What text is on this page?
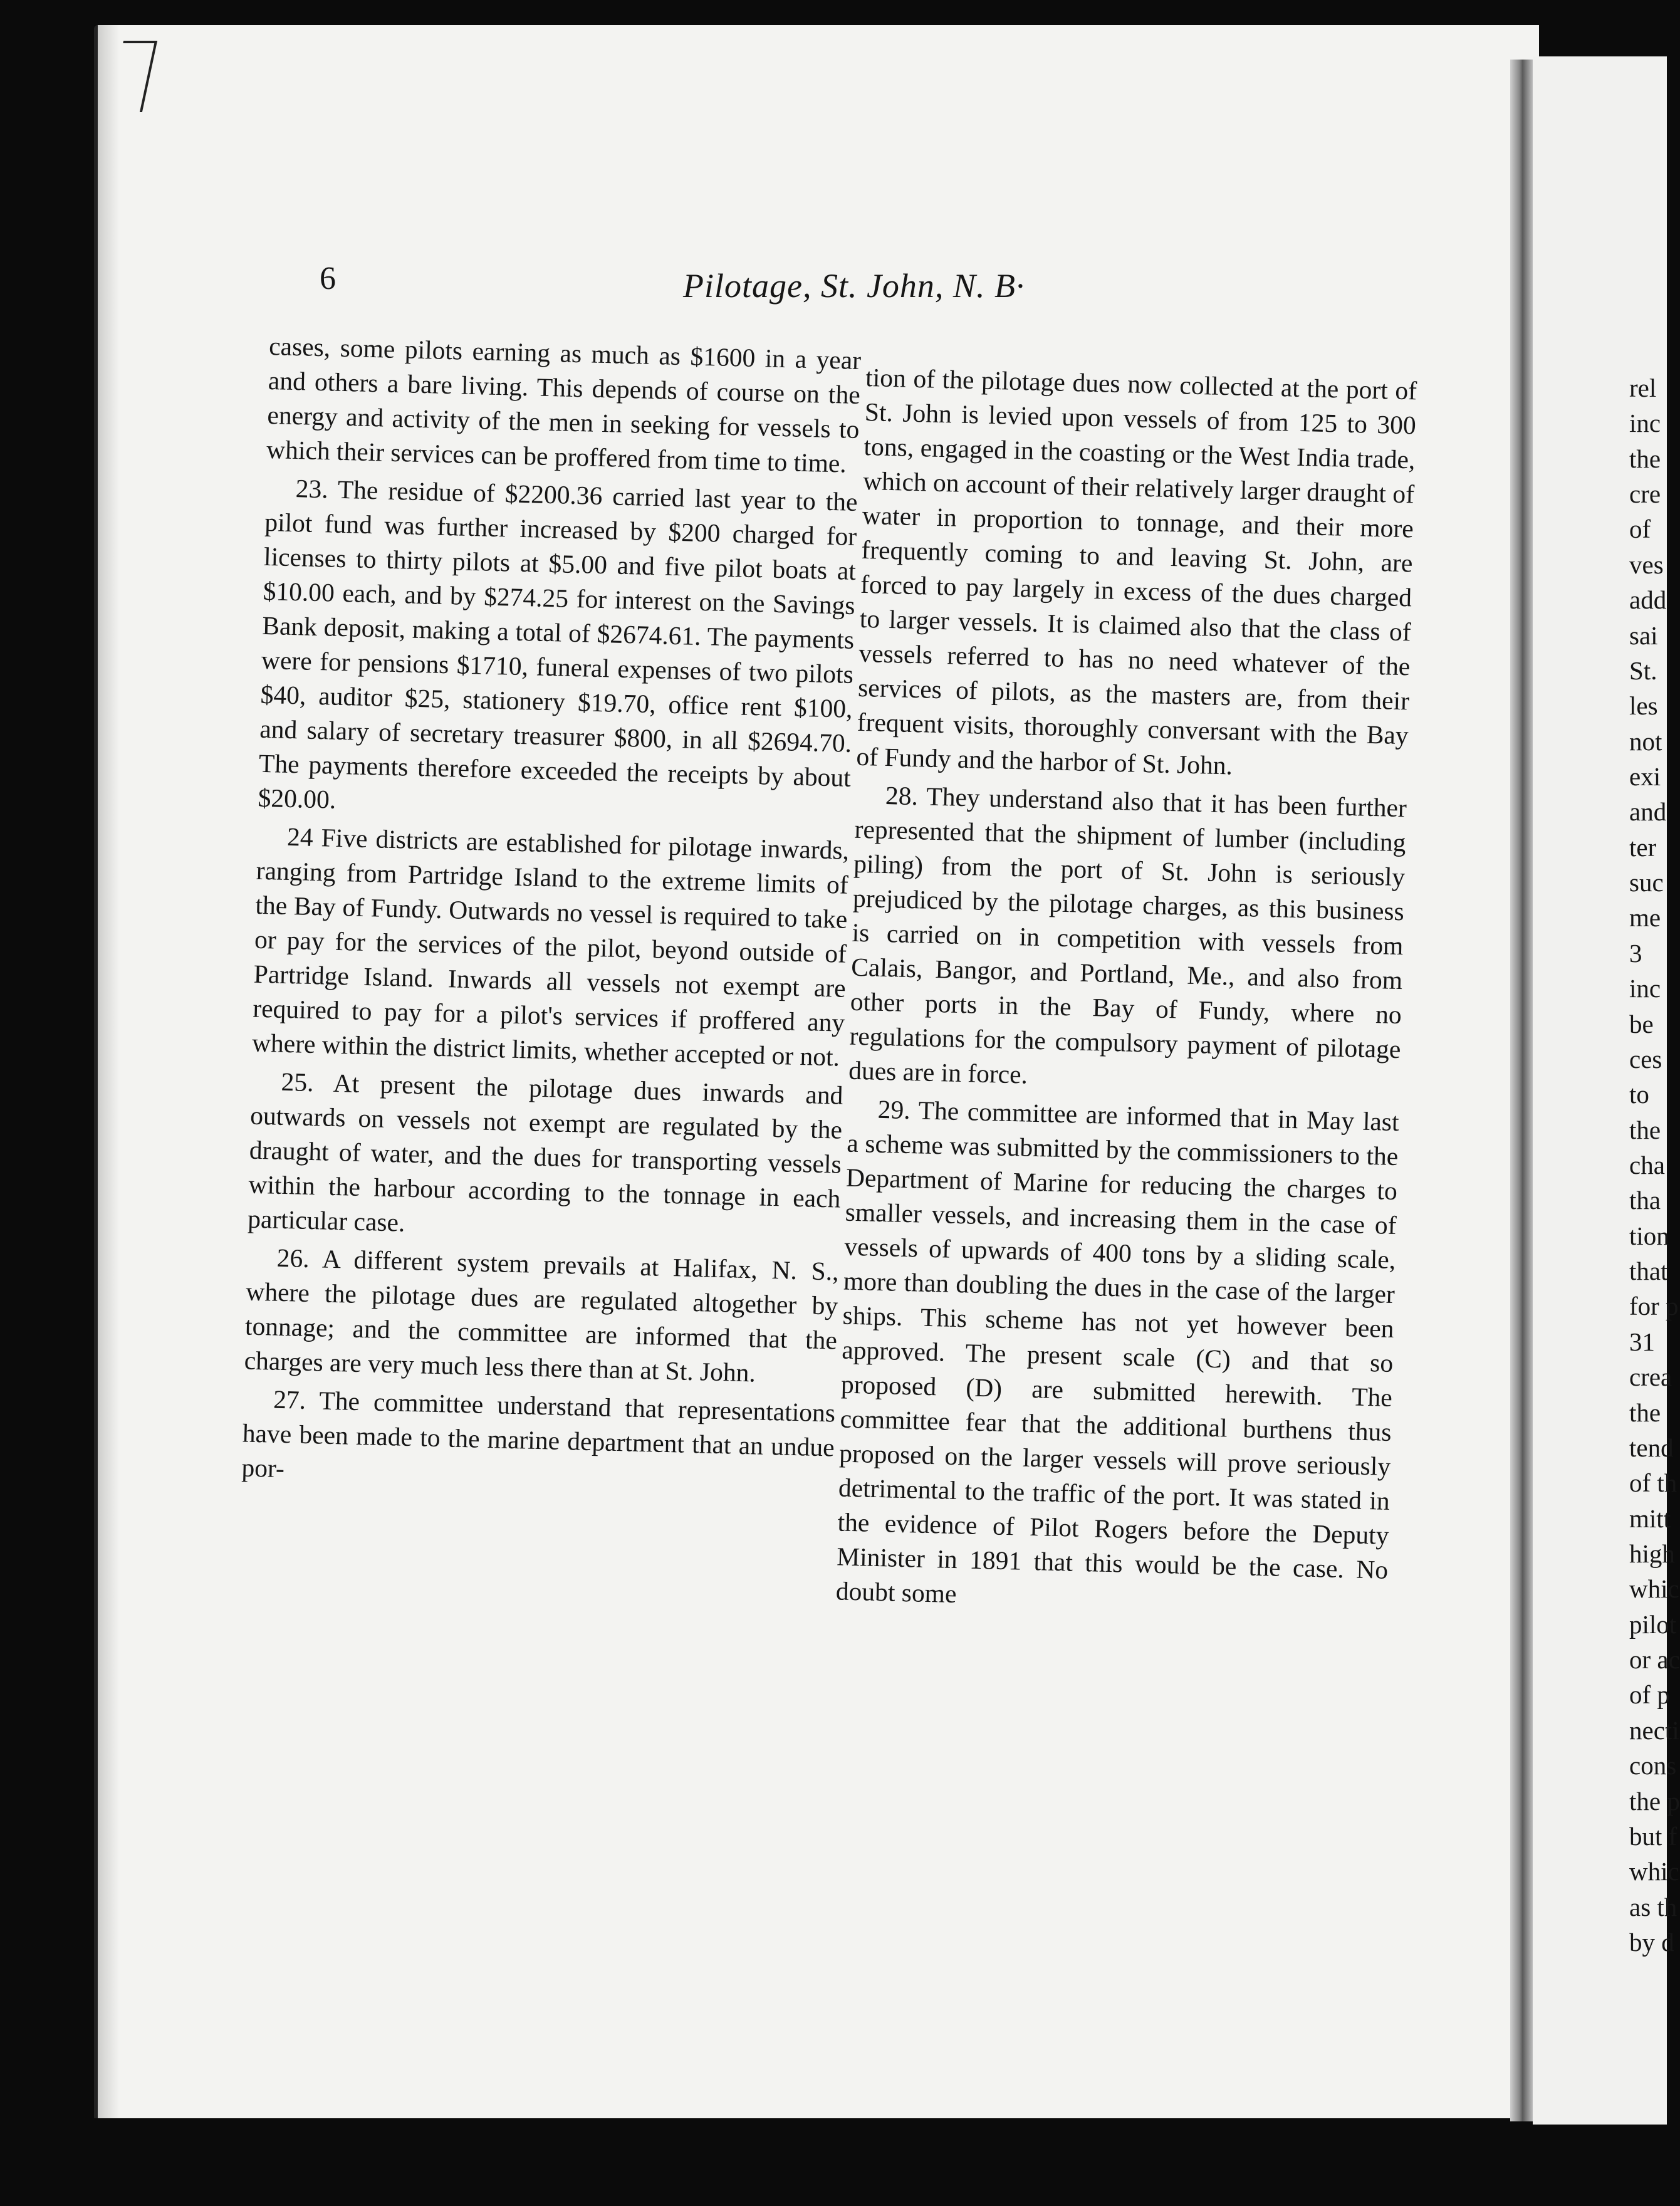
6	Pilotage, St. John, N. B·

cases, some pilots earning as much as $1600 in a year and others a bare living. This depends of course on the energy and activity of the men in seeking for vessels to which their services can be proffered from time to time.

23. The residue of $2200.36 carried last year to the pilot fund was further increased by $200 charged for licenses to thirty pilots at $5.00 and five pilot boats at $10.00 each, and by $274.25 for interest on the Savings Bank deposit, making a total of $2674.61. The payments were for pensions $1710, funeral expenses of two pilots $40, auditor $25, stationery $19.70, office rent $100, and salary of secretary treasurer $800, in all $2694.70. The payments therefore exceeded the receipts by about $20.00.

24 Five districts are established for pilotage inwards, ranging from Partridge Island to the extreme limits of the Bay of Fundy. Outwards no vessel is required to take or pay for the services of the pilot, beyond outside of Partridge Island. Inwards all vessels not exempt are required to pay for a pilot's services if proffered any where within the district limits, whether accepted or not.

25. At present the pilotage dues inwards and outwards on vessels not exempt are regulated by the draught of water, and the dues for transporting vessels within the harbour according to the tonnage in each particular case.

26. A different system prevails at Halifax, N. S., where the pilotage dues are regulated altogether by tonnage; and the committee are informed that the charges are very much less there than at St. John.

27. The committee understand that representations have been made to the marine department that an undue por-

tion of the pilotage dues now collected at the port of St. John is levied upon vessels of from 125 to 300 tons, engaged in the coasting or the West India trade, which on account of their relatively larger draught of water in proportion to tonnage, and their more frequently coming to and leaving St. John, are forced to pay largely in excess of the dues charged to larger vessels. It is claimed also that the class of vessels referred to has no need whatever of the services of pilots, as the masters are, from their frequent visits, thoroughly conversant with the Bay of Fundy and the harbor of St. John.

28. They understand also that it has been further represented that the shipment of lumber (including piling) from the port of St. John is seriously prejudiced by the pilotage charges, as this business is carried on in competition with vessels from Calais, Bangor, and Portland, Me., and also from other ports in the Bay of Fundy, where no regulations for the compulsory payment of pilotage dues are in force.

29. The committee are informed that in May last a scheme was submitted by the commissioners to the Department of Marine for reducing the charges to smaller vessels, and increasing them in the case of vessels of upwards of 400 tons by a sliding scale, more than doubling the dues in the case of the larger ships. This scheme has not yet however been approved. The present scale (C) and that so proposed (D) are submitted herewith. The committee fear that the additional burthens thus proposed on the larger vessels will prove seriously detrimental to the traffic of the port. It was stated in the evidence of Pilot Rogers before the Deputy Minister in 1891 that this would be the case. No doubt some

rel
inc
the
cre
of
ves
add
sai
St.
les
not
exi
and
ter
suc
me
3
inc
be
ces
to
the
cha
tha
tion
that
for p
31
crea
the
tend
of th
mitt
high
whic
pilot
or ac
of p
necti
cons
the p
but f
whic
as th
by d
